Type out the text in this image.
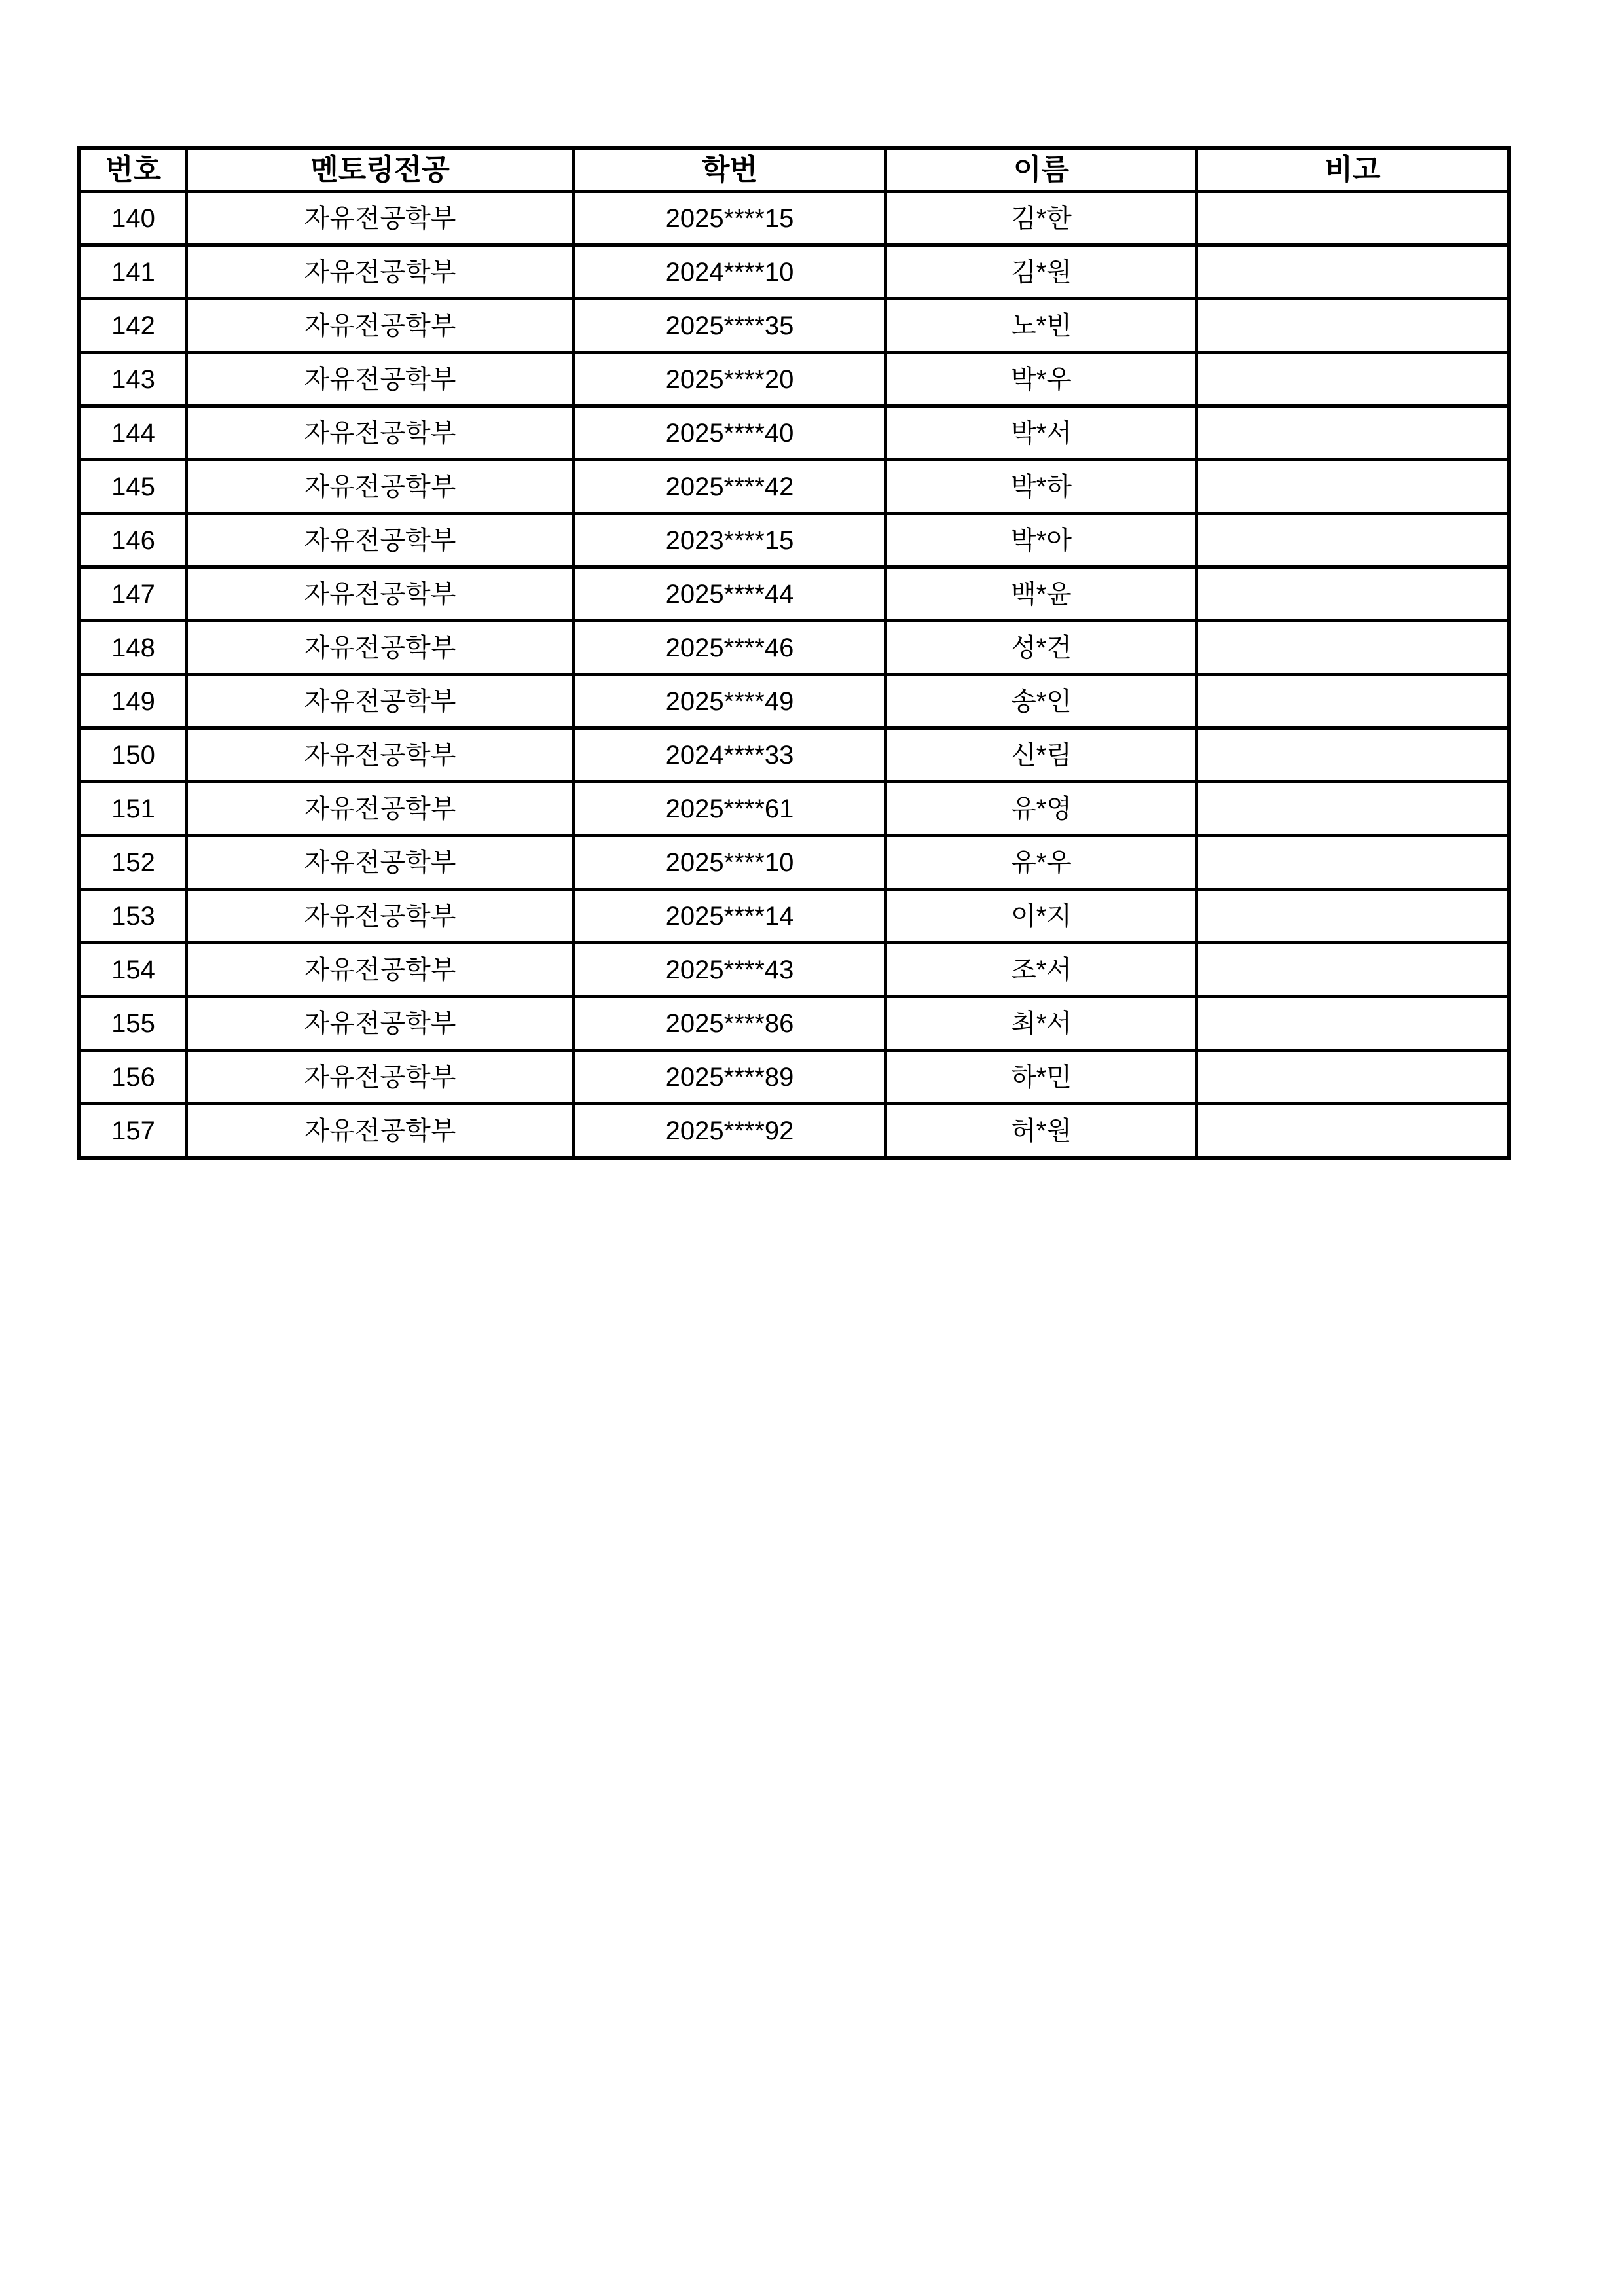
번호	멘토링전공	학번	이름	비고
140	자유전공학부	2025****15	김*한	
141	자유전공학부	2024****10	김*원	
142	자유전공학부	2025****35	노*빈	
143	자유전공학부	2025****20	박*우	
144	자유전공학부	2025****40	박*서	
145	자유전공학부	2025****42	박*하	
146	자유전공학부	2023****15	박*아	
147	자유전공학부	2025****44	백*윤	
148	자유전공학부	2025****46	성*건	
149	자유전공학부	2025****49	송*인	
150	자유전공학부	2024****33	신*림	
151	자유전공학부	2025****61	유*영	
152	자유전공학부	2025****10	유*우	
153	자유전공학부	2025****14	이*지	
154	자유전공학부	2025****43	조*서	
155	자유전공학부	2025****86	최*서	
156	자유전공학부	2025****89	하*민	
157	자유전공학부	2025****92	허*원	
